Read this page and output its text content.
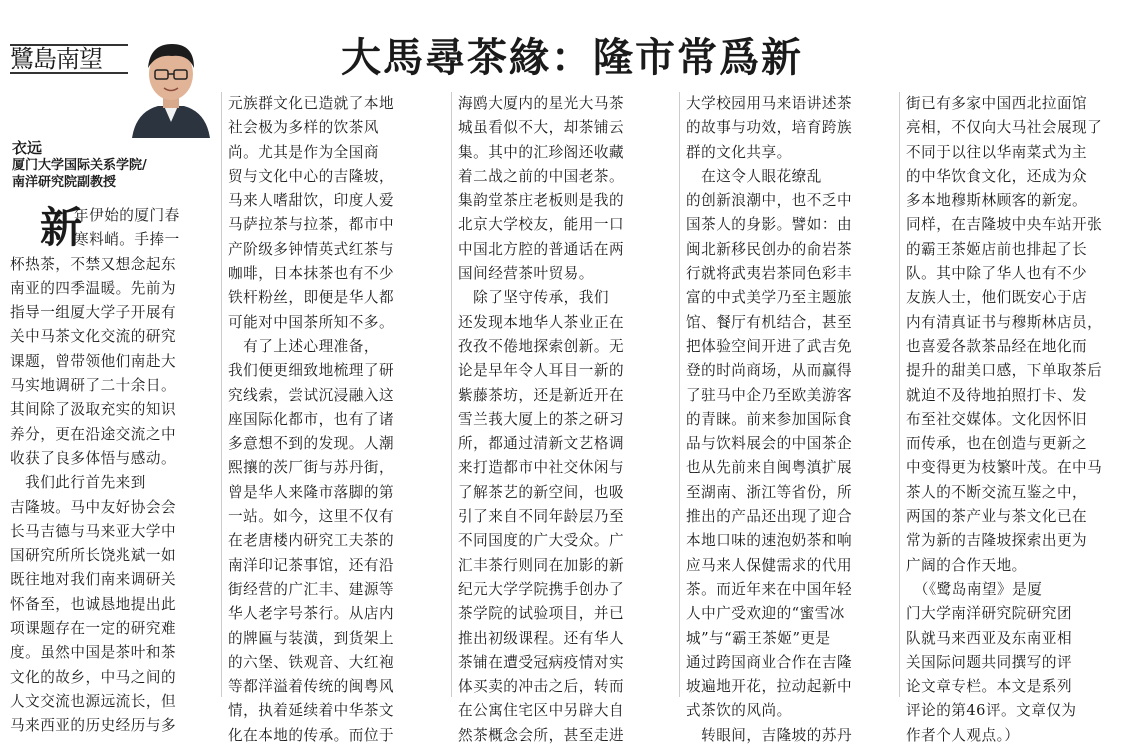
鷺島南望
衣远
厦门大学国际关系学院/
南洋研究院副教授
大馬尋茶緣：隆市常爲新
新
年伊始的厦门春
寒料峭。手捧一
杯热茶，不禁又想念起东
南亚的四季温暖。先前为
指导一组厦大学子开展有
关中马茶文化交流的研究
课题，曾带领他们南赴大
马实地调研了二十余日。
其间除了汲取充实的知识
养分，更在沿途交流之中
收获了良多体悟与感动。
　我们此行首先来到
吉隆坡。马中友好协会会
长马吉德与马来亚大学中
国研究所所长饶兆斌一如
既往地对我们南来调研关
怀备至，也诚恳地提出此
项课题存在一定的研究难
度。虽然中国是茶叶和茶
文化的故乡，中马之间的
人文交流也源远流长，但
马来西亚的历史经历与多
元族群文化已造就了本地
社会极为多样的饮茶风
尚。尤其是作为全国商
贸与文化中心的吉隆坡，
马来人嗜甜饮，印度人爱
马萨拉茶与拉茶，都市中
产阶级多钟情英式红茶与
咖啡，日本抹茶也有不少
铁杆粉丝，即便是华人都
可能对中国茶所知不多。
　有了上述心理准备，
我们便更细致地梳理了研
究线索，尝试沉浸融入这
座国际化都市，也有了诸
多意想不到的发现。人潮
熙攘的茨厂街与苏丹街，
曾是华人来隆市落脚的第
一站。如今，这里不仅有
在老唐楼内研究工夫茶的
南洋印记茶事馆，还有沿
街经营的广汇丰、建源等
华人老字号茶行。从店内
的牌匾与装潢，到货架上
的六堡、铁观音、大红袍
等都洋溢着传统的闽粤风
情，执着延续着中华茶文
化在本地的传承。而位于
海鸥大厦内的星光大马茶
城虽看似不大，却茶铺云
集。其中的汇珍阁还收藏
着二战之前的中国老茶。
集韵堂茶庄老板则是我的
北京大学校友，能用一口
中国北方腔的普通话在两
国间经营茶叶贸易。
　除了坚守传承，我们
还发现本地华人茶业正在
孜孜不倦地探索创新。无
论是早年令人耳目一新的
紫藤茶坊，还是新近开在
雪兰莪大厦上的茶之研习
所，都通过清新文艺格调
来打造都市中社交休闲与
了解茶艺的新空间，也吸
引了来自不同年龄层乃至
不同国度的广大受众。广
汇丰茶行则同在加影的新
纪元大学学院携手创办了
茶学院的试验项目，并已
推出初级课程。还有华人
茶铺在遭受冠病疫情对实
体买卖的冲击之后，转而
在公寓住宅区中另辟大自
然茶概念会所，甚至走进
大学校园用马来语讲述茶
的故事与功效，培育跨族
群的文化共享。
　在这令人眼花缭乱
的创新浪潮中，也不乏中
国茶人的身影。譬如：由
闽北新移民创办的俞岩茶
行就将武夷岩茶同色彩丰
富的中式美学乃至主题旅
馆、餐厅有机结合，甚至
把体验空间开进了武吉免
登的时尚商场，从而赢得
了驻马中企乃至欧美游客
的青睐。前来参加国际食
品与饮料展会的中国茶企
也从先前来自闽粤滇扩展
至湖南、浙江等省份，所
推出的产品还出现了迎合
本地口味的速泡奶茶和响
应马来人保健需求的代用
茶。而近年来在中国年轻
人中广受欢迎的“蜜雪冰
城”与“霸王茶姬”更是
通过跨国商业合作在吉隆
坡遍地开花，拉动起新中
式茶饮的风尚。
　转眼间，吉隆坡的苏丹
街已有多家中国西北拉面馆
亮相，不仅向大马社会展现了
不同于以往以华南菜式为主
的中华饮食文化，还成为众
多本地穆斯林顾客的新宠。
同样，在吉隆坡中央车站开张
的霸王茶姬店前也排起了长
队。其中除了华人也有不少
友族人士，他们既安心于店
内有清真证书与穆斯林店员，
也喜爱各款茶品经在地化而
提升的甜美口感，下单取茶后
就迫不及待地拍照打卡、发
布至社交媒体。文化因怀旧
而传承，也在创造与更新之
中变得更为枝繁叶茂。在中马
茶人的不断交流互鉴之中，
两国的茶产业与茶文化已在
常为新的吉隆坡探索出更为
广阔的合作天地。
　（《鹭岛南望》是厦
门大学南洋研究院研究团
队就马来西亚及东南亚相
关国际问题共同撰写的评
论文章专栏。本文是系列
评论的第46评。文章仅为
作者个人观点。）
